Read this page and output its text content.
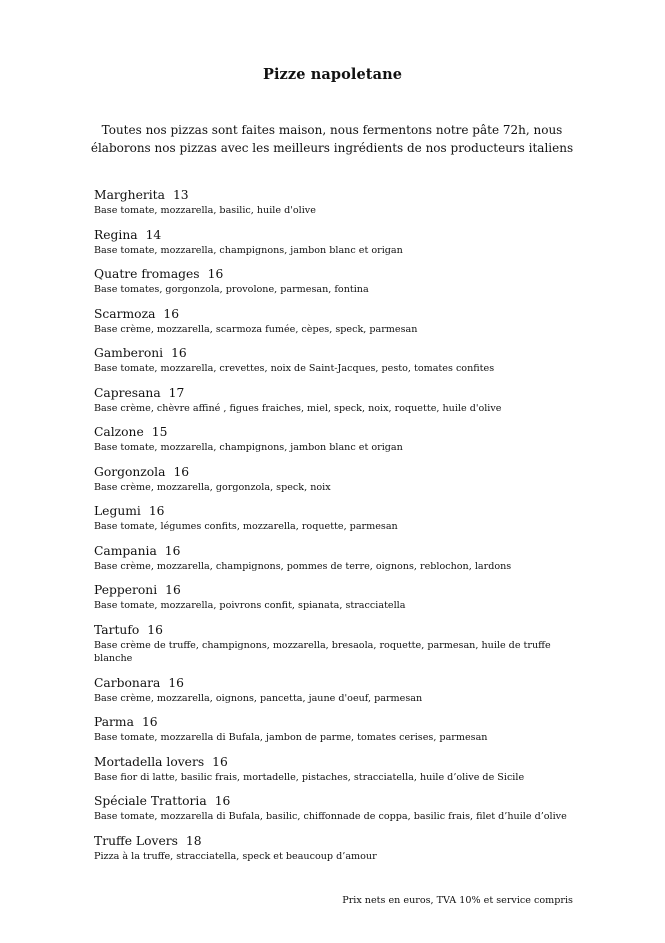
Pizze napoletane
Toutes nos pizzas sont faites maison, nous fermentons notre pâte 72h, nous élaborons nos pizzas avec les meilleurs ingrédients de nos producteurs italiens
Margherita 13
Base tomate, mozzarella, basilic, huile d'olive
Regina 14
Base tomate, mozzarella, champignons, jambon blanc et origan
Quatre fromages 16
Base tomates, gorgonzola, provolone, parmesan, fontina
Scarmoza 16
Base crème, mozzarella, scarmoza fumée, cèpes, speck, parmesan
Gamberoni 16
Base tomate, mozzarella, crevettes, noix de Saint-Jacques, pesto, tomates confites
Capresana 17
Base crème, chèvre affiné , figues fraiches, miel, speck, noix, roquette, huile d'olive
Calzone 15
Base tomate, mozzarella, champignons, jambon blanc et origan
Gorgonzola 16
Base crème, mozzarella, gorgonzola, speck, noix
Legumi 16
Base tomate, légumes confits, mozzarella, roquette, parmesan
Campania 16
Base crème, mozzarella, champignons, pommes de terre, oignons, reblochon, lardons
Pepperoni 16
Base tomate, mozzarella, poivrons confit, spianata, stracciatella
Tartufo 16
Base crème de truffe, champignons, mozzarella, bresaola, roquette, parmesan, huile de truffe blanche
Carbonara 16
Base crème, mozzarella, oignons, pancetta, jaune d'oeuf, parmesan
Parma 16
Base tomate, mozzarella di Bufala, jambon de parme, tomates cerises, parmesan
Mortadella lovers 16
Base fior di latte, basilic frais, mortadelle, pistaches, stracciatella, huile d’olive de Sicile
Spéciale Trattoria 16
Base tomate, mozzarella di Bufala, basilic, chiffonnade de coppa, basilic frais, filet d’huile d’olive
Truffe Lovers 18
Pizza à la truffe, stracciatella, speck et beaucoup d’amour
Prix nets en euros, TVA 10% et service compris
